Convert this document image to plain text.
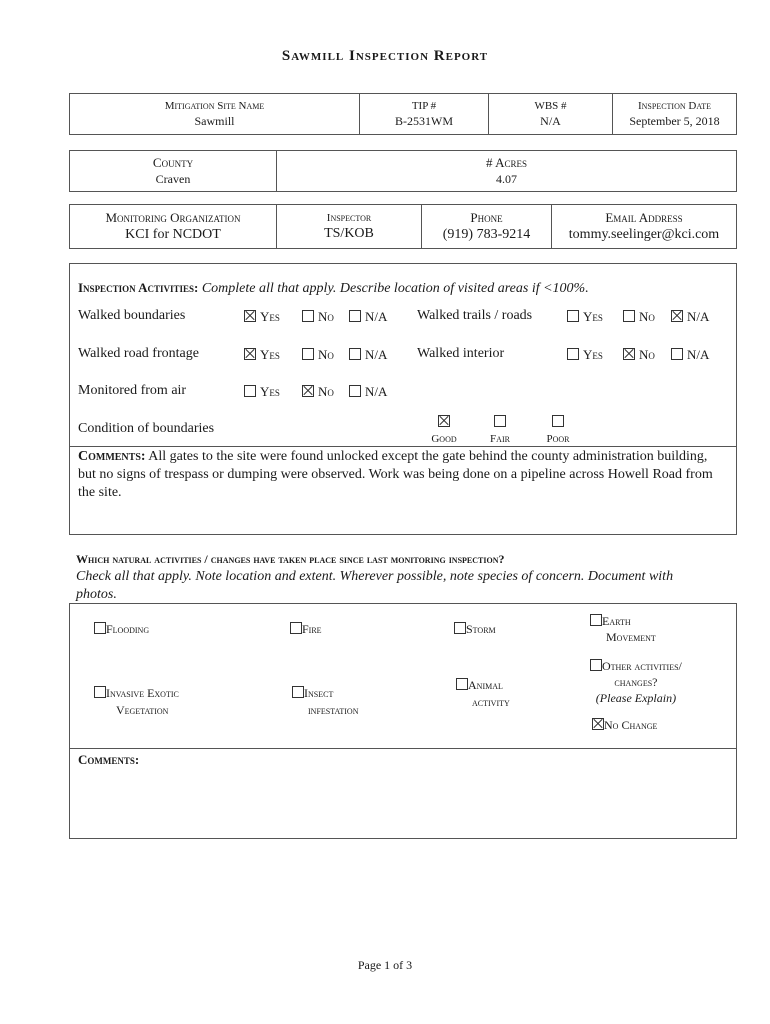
Sawmill Inspection Report
Mitigation Site Name
Sawmill
TIP #
B-2531WM
WBS #
N/A
Inspection Date
September 5, 2018
County
Craven
# Acres
4.07
Monitoring Organization
KCI for NCDOT
Inspector
TS/KOB
Phone
(919) 783-9214
Email Address
tommy.seelinger@kci.com
Inspection Activities: Complete all that apply. Describe location of visited areas if <100%.
Walked boundaries	Yes	No	N/A Walked trails / roads	Yes	No	N/A
Walked road frontage	Yes	No	N/A Walked interior	Yes	No	N/A
Monitored from air	Yes	No	N/A
Condition of boundaries
Good	Fair	Poor
Comments: All gates to the site were found unlocked except the gate behind the county administration building, but no signs of trespass or dumping were observed. Work was being done on a pipeline across Howell Road from the site.
Which natural activities / changes have taken place since last monitoring inspection?
Check all that apply. Note location and extent. Wherever possible, note species of concern. Document with photos.
Flooding	Fire	Storm
Earth
Movement
Invasive Exotic
Vegetation
Insect
infestation
Animal
activity
Other activities/
changes?
(Please Explain)
No Change
Comments:
Page 1 of 3
